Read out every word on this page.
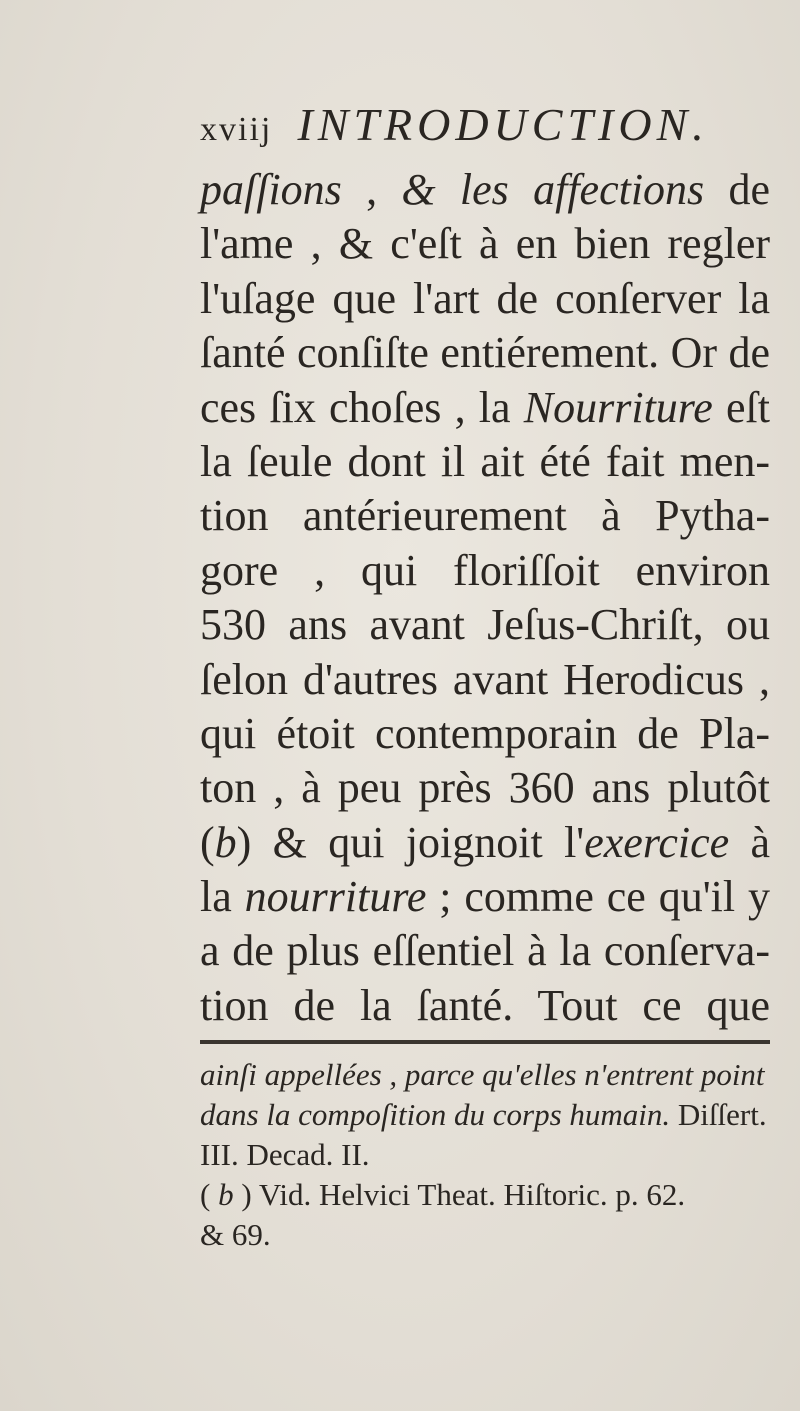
xviij INTRODUCTION.
paſſions , & les affections de
l'ame , & c'eſt à en bien regler
l'uſage que l'art de conſerver la
ſanté conſiſte entiérement. Or de
ces ſix choſes , la Nourriture eſt
la ſeule dont il ait été fait men-
tion antérieurement à Pytha-
gore , qui floriſſoit environ
530 ans avant Jeſus-Chriſt, ou
ſelon d'autres avant Herodicus ,
qui étoit contemporain de Pla-
ton , à peu près 360 ans plutôt
(b) & qui joignoit l'exercice à
la nourriture ; comme ce qu'il y
a de plus eſſentiel à la conſerva-
tion de la ſanté. Tout ce que
ainſi appellées , parce qu'elles n'entrent point
dans la compoſition du corps humain. Diſſert.
III. Decad. II.
( b ) Vid. Helvici Theat. Hiſtoric. p. 62.
& 69.
